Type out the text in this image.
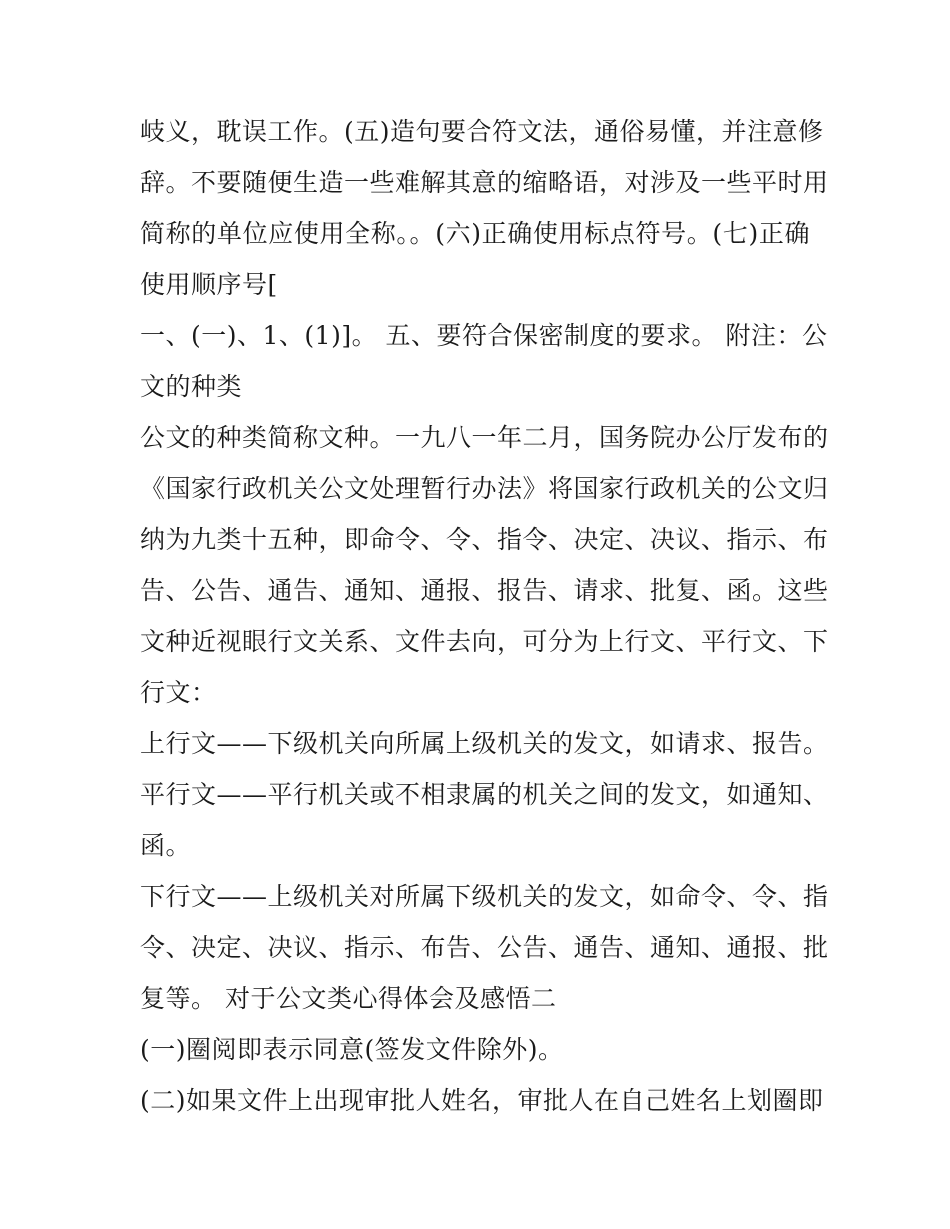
岐义，耽误工作。(五)造句要合符文法，通俗易懂，并注意修
辞。不要随便生造一些难解其意的缩略语，对涉及一些平时用
简称的单位应使用全称。。(六)正确使用标点符号。(七)正确
使用顺序号[
一、(一)、1、(1)]。 五、要符合保密制度的要求。 附注：公
文的种类
公文的种类简称文种。一九八一年二月，国务院办公厅发布的
《国家行政机关公文处理暂行办法》将国家行政机关的公文归
纳为九类十五种，即命令、令、指令、决定、决议、指示、布
告、公告、通告、通知、通报、报告、请求、批复、函。这些
文种近视眼行文关系、文件去向，可分为上行文、平行文、下
行文：
上行文——下级机关向所属上级机关的发文，如请求、报告。
平行文——平行机关或不相隶属的机关之间的发文，如通知、
函。
下行文——上级机关对所属下级机关的发文，如命令、令、指
令、决定、决议、指示、布告、公告、通告、通知、通报、批
复等。 对于公文类心得体会及感悟二
(一)圈阅即表示同意(签发文件除外)。
(二)如果文件上出现审批人姓名，审批人在自己姓名上划圈即
